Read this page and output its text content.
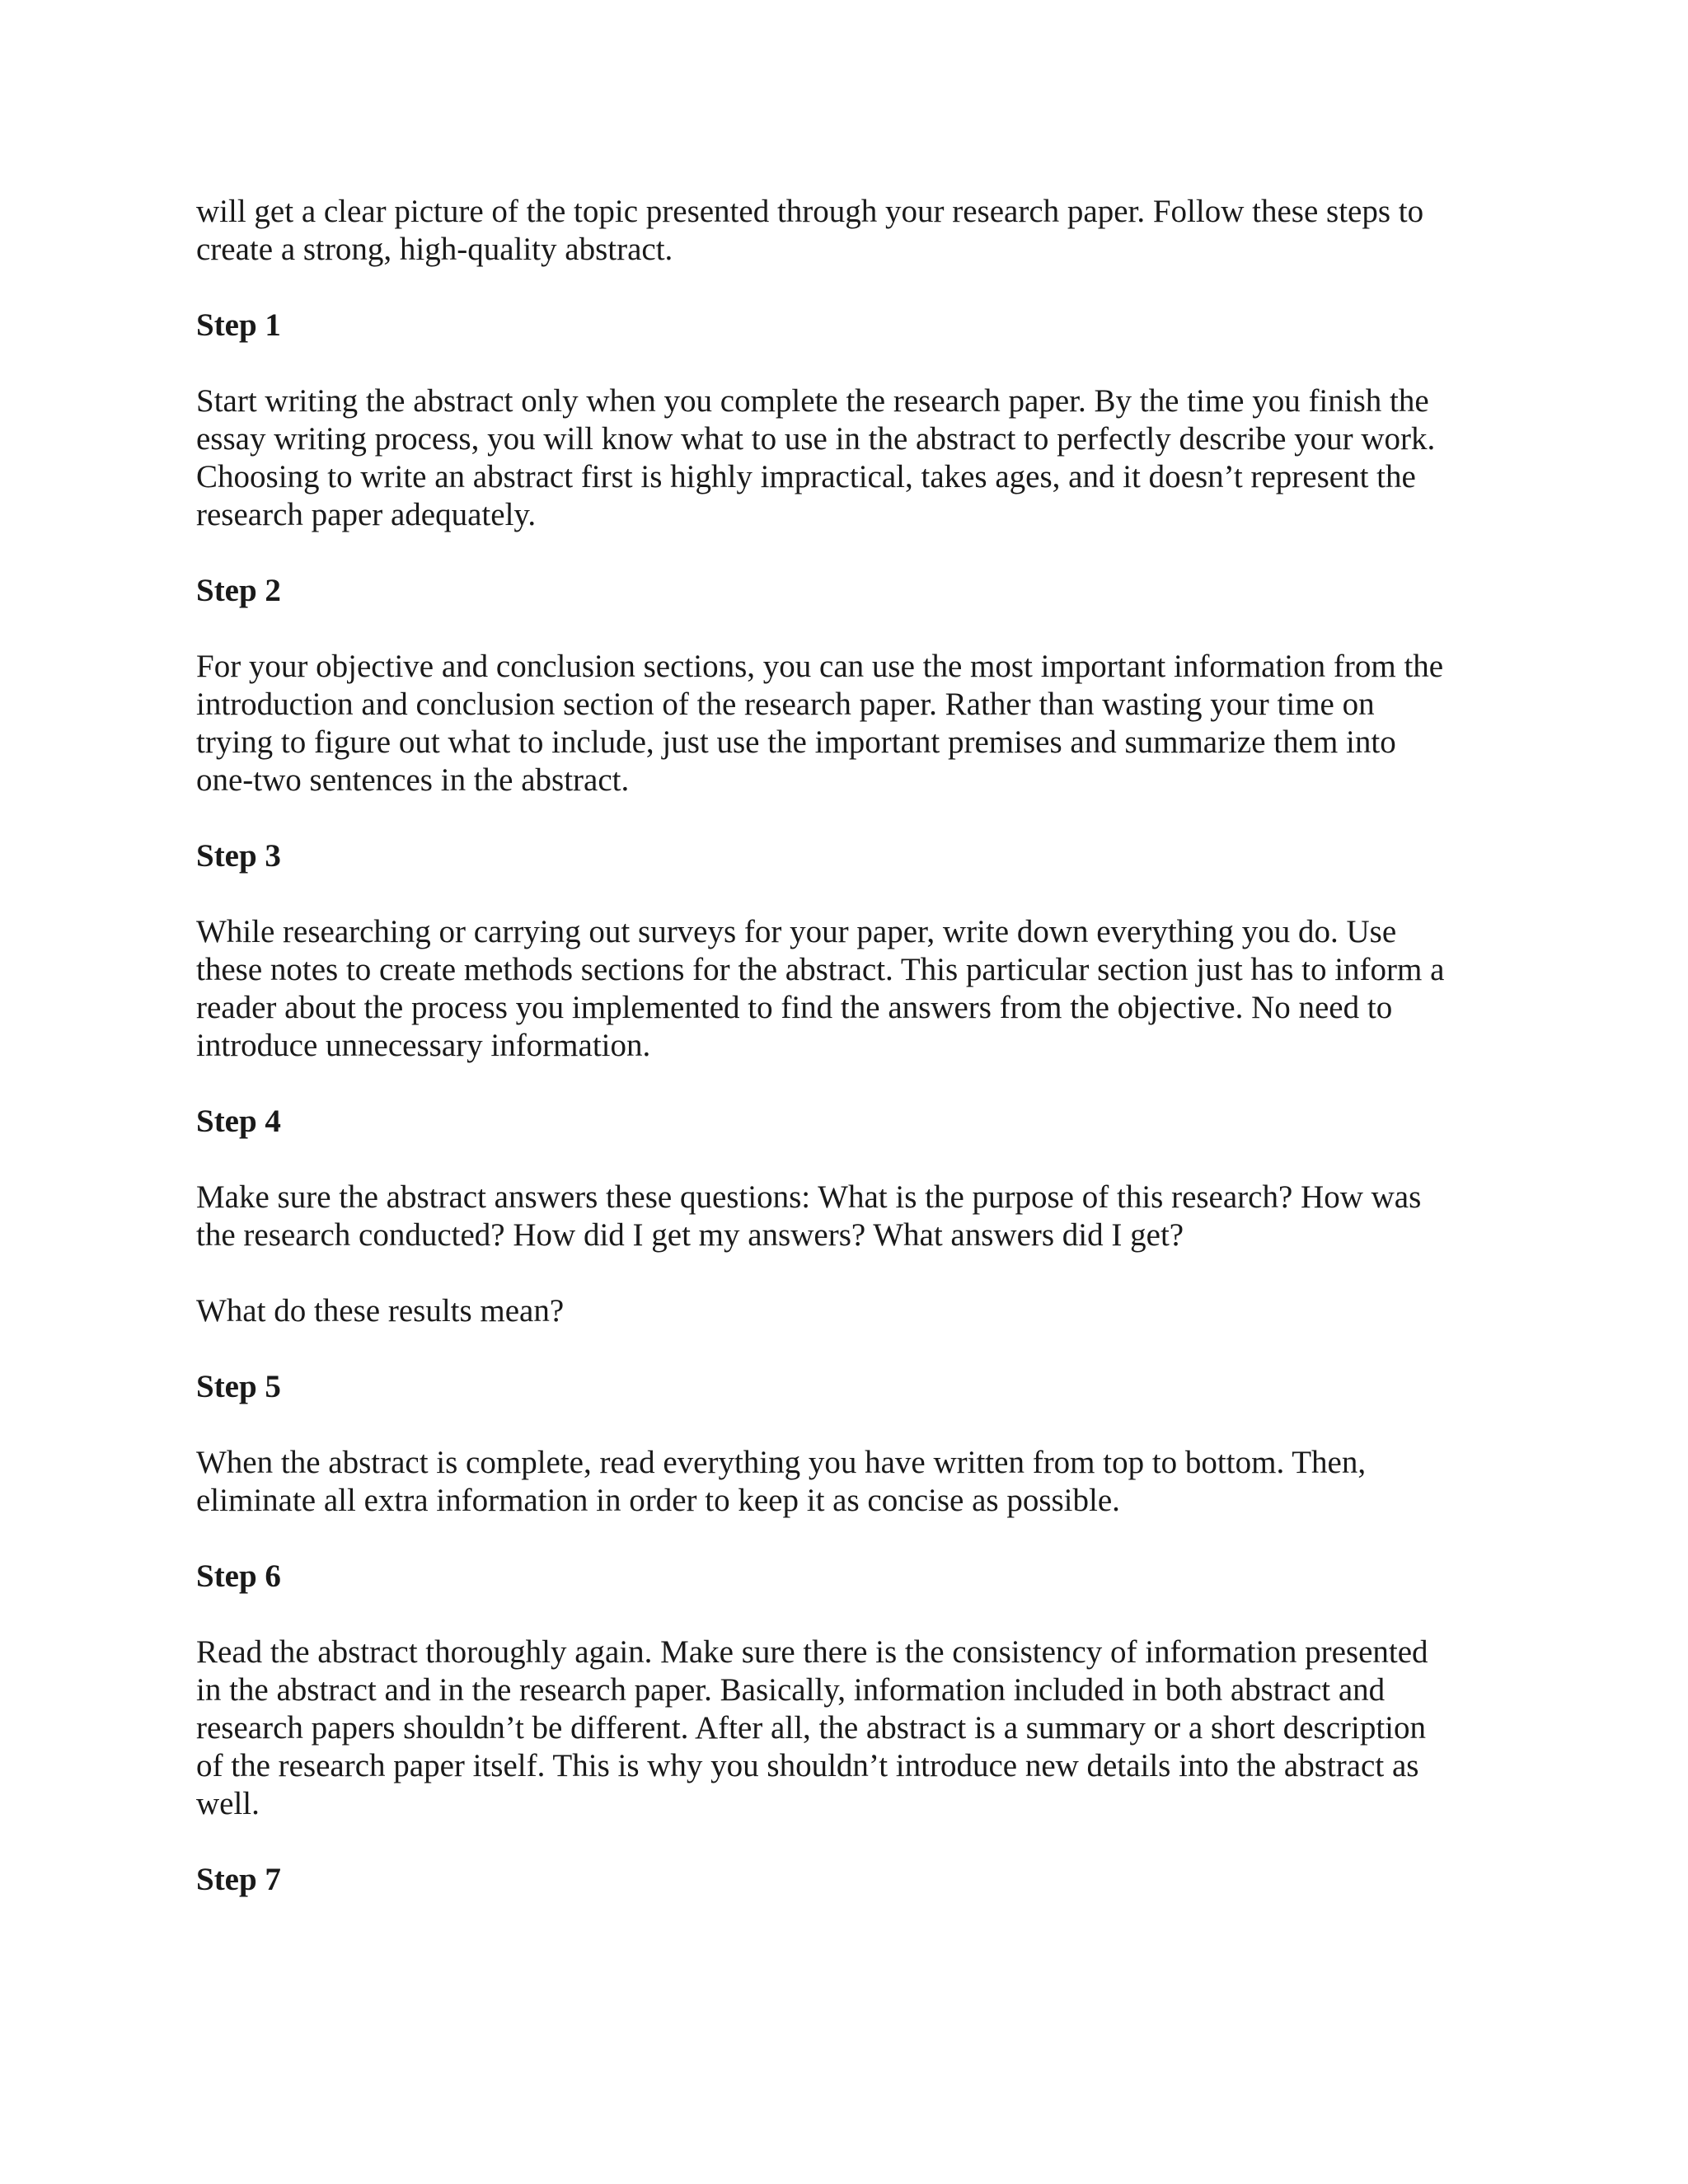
will get a clear picture of the topic presented through your research paper. Follow these steps to
create a strong, high-quality abstract.

Step 1

Start writing the abstract only when you complete the research paper. By the time you finish the
essay writing process, you will know what to use in the abstract to perfectly describe your work.
Choosing to write an abstract first is highly impractical, takes ages, and it doesn’t represent the
research paper adequately.

Step 2

For your objective and conclusion sections, you can use the most important information from the
introduction and conclusion section of the research paper. Rather than wasting your time on
trying to figure out what to include, just use the important premises and summarize them into
one-two sentences in the abstract.

Step 3

While researching or carrying out surveys for your paper, write down everything you do. Use
these notes to create methods sections for the abstract. This particular section just has to inform a
reader about the process you implemented to find the answers from the objective. No need to
introduce unnecessary information.

Step 4

Make sure the abstract answers these questions: What is the purpose of this research? How was
the research conducted? How did I get my answers? What answers did I get?

What do these results mean?

Step 5

When the abstract is complete, read everything you have written from top to bottom. Then,
eliminate all extra information in order to keep it as concise as possible.

Step 6

Read the abstract thoroughly again. Make sure there is the consistency of information presented
in the abstract and in the research paper. Basically, information included in both abstract and
research papers shouldn’t be different. After all, the abstract is a summary or a short description
of the research paper itself. This is why you shouldn’t introduce new details into the abstract as
well.

Step 7
